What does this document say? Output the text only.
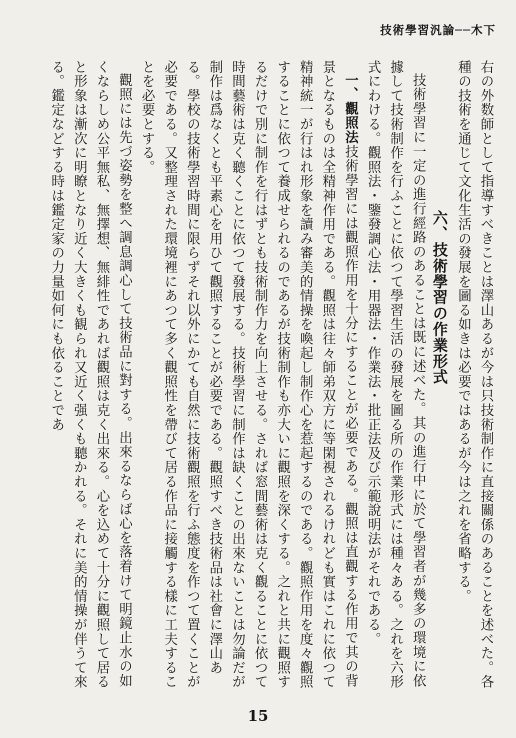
技術學習汎論──木下

右の外数師として指導すべきことは澤山あるが今は只技術制作に直接關係のあることを述べた。各種の技術を通じて文化生活の發展を圖る如きは必要ではあるが今は之れを省略する。

六、技術學習の作業形式

技術學習に一定の進行經路のあることは既に述べた。其の進行中に於て學習者が幾多の環境に依據して技術制作を行ふことに依つて學習生活の發展を圖る所の作業形式には種々ある。之れを六形式にわける。觀照法・鑒發調心法・用器法・作業法・批正法及び示範說明法がそれである。

一、觀照法技術學習には觀照作用を十分にすることが必要である。觀照は直觀する作用で其の背景となるものは全精神作用である。觀照は往々師弟双方に等閑視されるけれども實はこれに依つて精神統一が行はれ形象を讀み審美的情操を喚起し制作心を惹起するのである。觀照作用を度々觀照することに依つて養成せられるのであるが技術制作も亦大いに觀照を深くする。之れと共に觀照するだけで別に制作を行はずとも技術制作力を向上させる。されば窓間藝術は克く觀ることに依つて時間藝術は克く聽くことに依つて發展する。技術學習に制作は缺くことの出來ないことは勿論だが制作は爲なくとも平素心を用ひて觀照することが必要である。觀照すべき技術品は社會に澤山ある。學校の技術學習時間に限らずそれ以外にかても自然に技術觀照を行ふ態度を作つて置くことが必要である。又整理された環境裡にあつて多く觀照性を帶びて居る作品に接觸する樣に工夫することを必要とする。

觀照には先づ姿勢を整へ調息調心して技術品に對する。出來るならば心を落着けて明鏡止水の如くならしめ公平無私、無擇想、無緋性であれば觀照は克く出來る。心を込めて十分に觀照して居ると形象は漸次に明瞭となり近く大きくも観られ又近く强くも聽かれる。それに美的情操が伴うて來る。鑑定などする時は鑑定家の力量如何にも依ることであ

15
